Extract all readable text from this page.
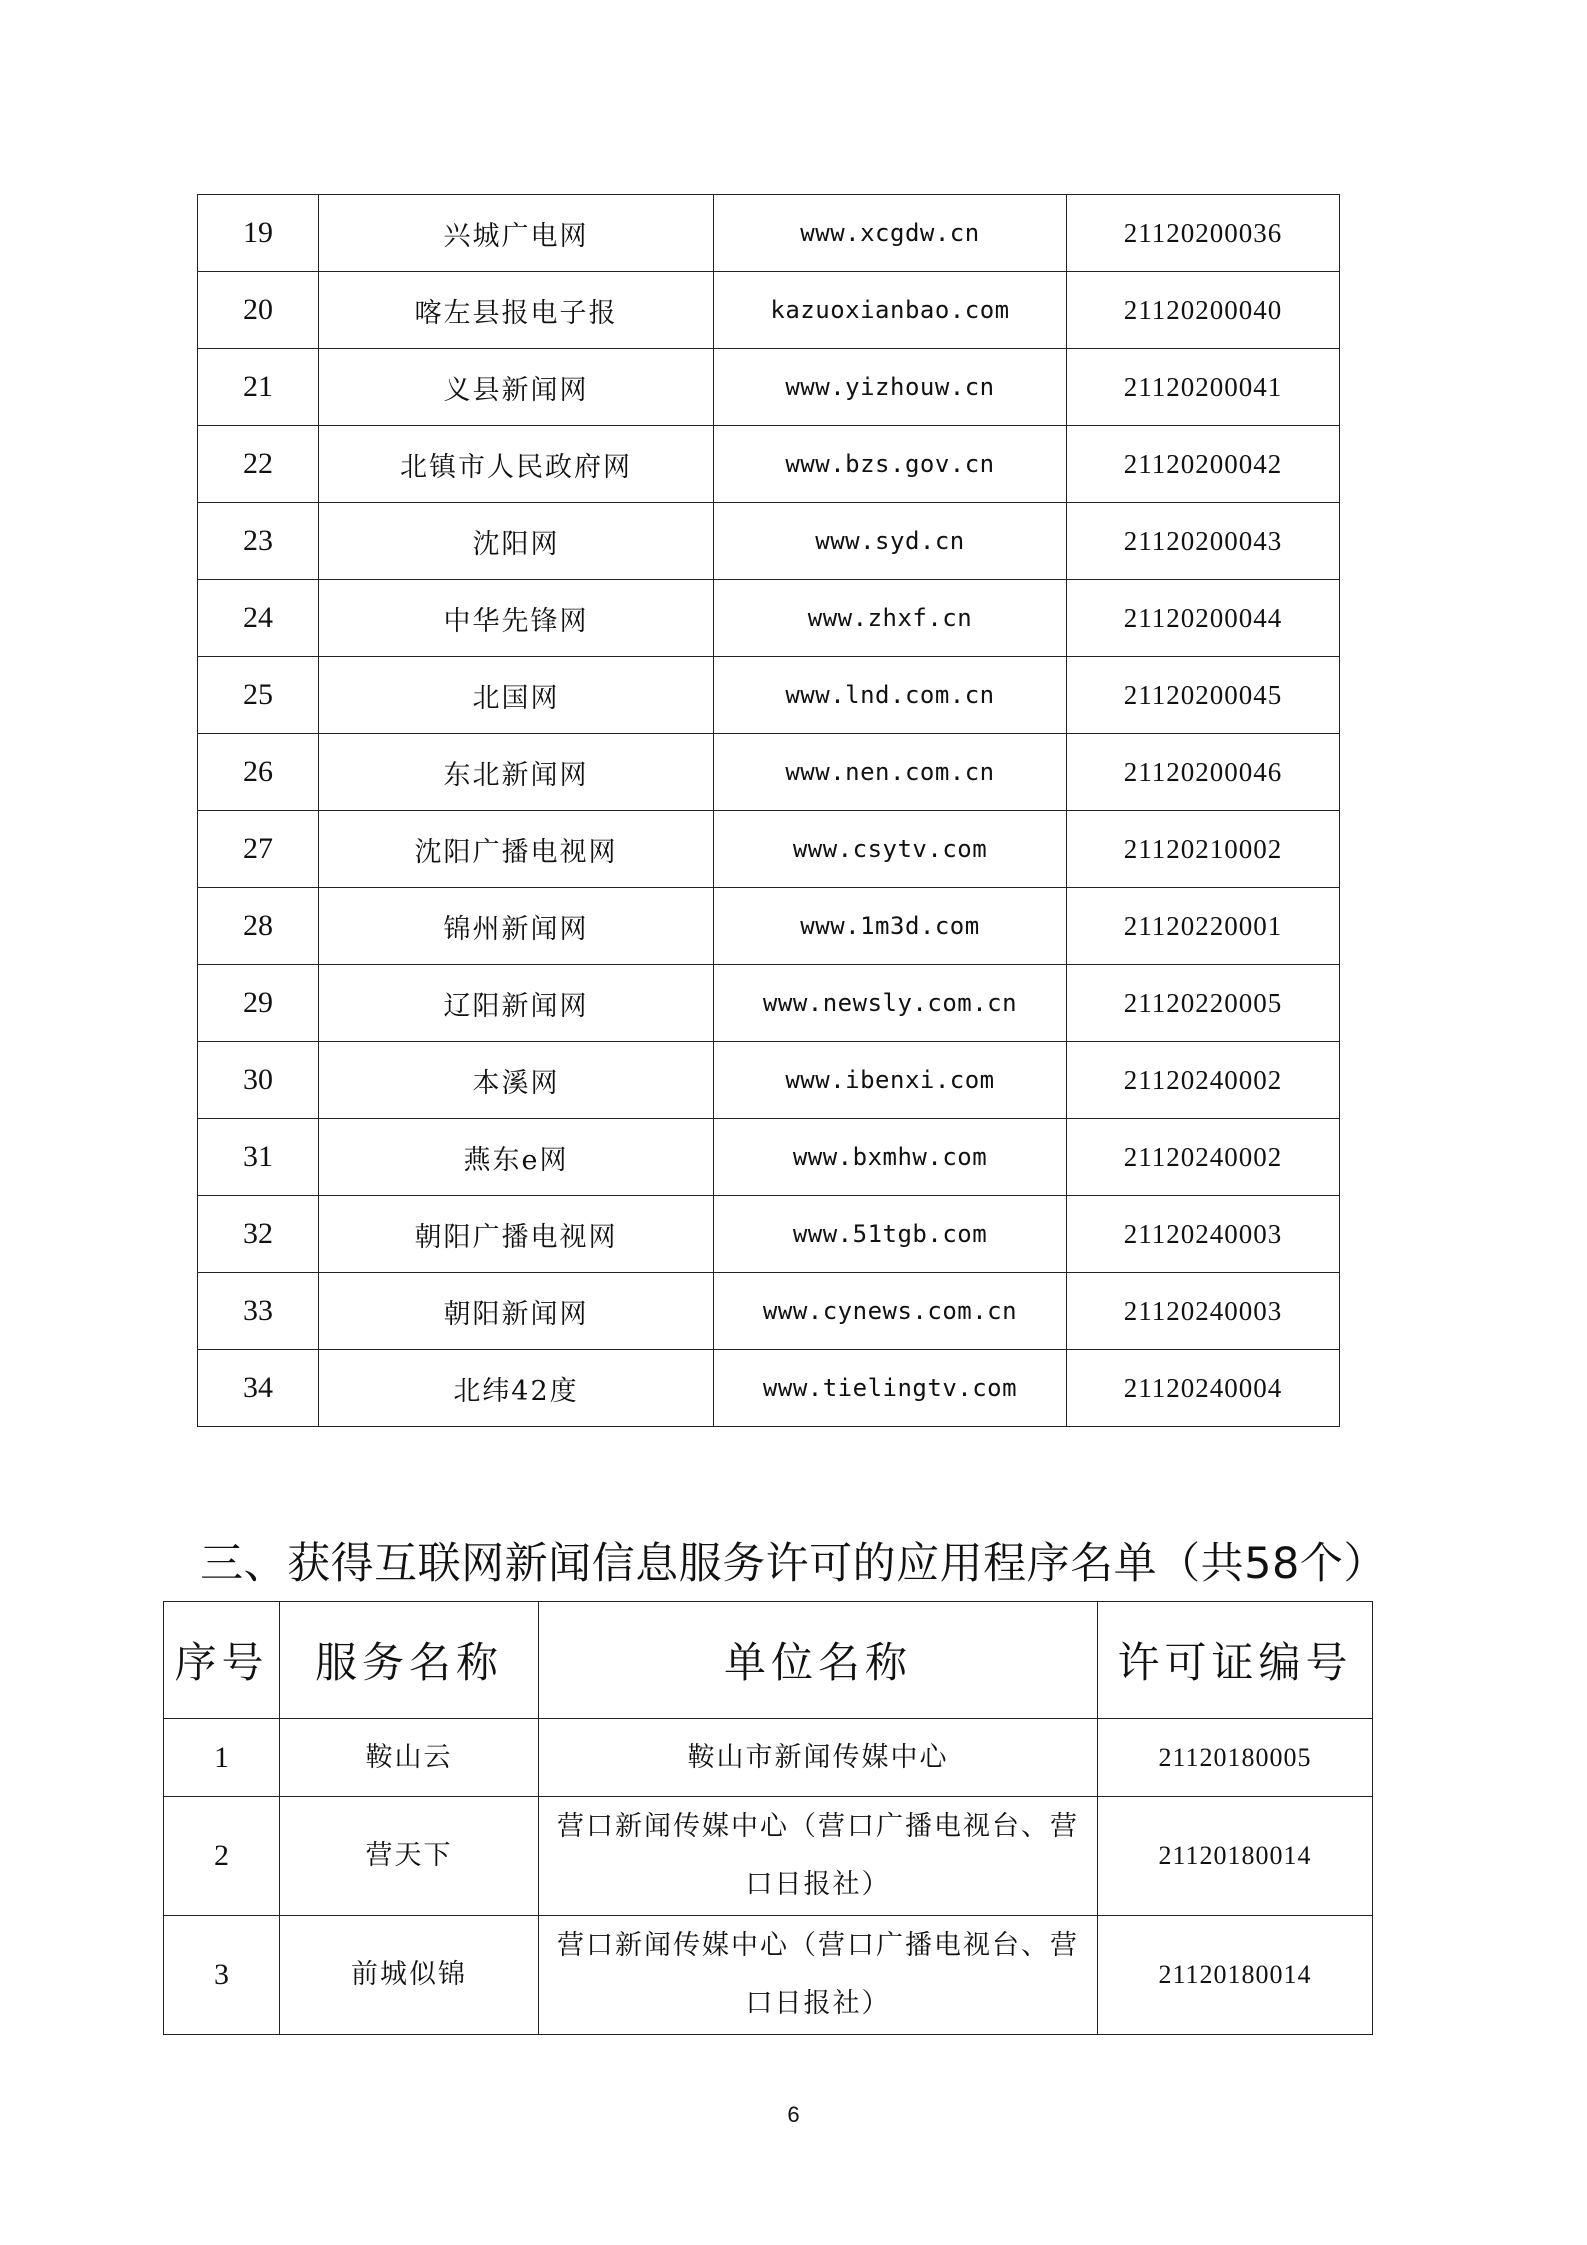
19	兴城广电网	www.xcgdw.cn	21120200036
20	喀左县报电子报	kazuoxianbao.com	21120200040
21	义县新闻网	www.yizhouw.cn	21120200041
22	北镇市人民政府网	www.bzs.gov.cn	21120200042
23	沈阳网	www.syd.cn	21120200043
24	中华先锋网	www.zhxf.cn	21120200044
25	北国网	www.lnd.com.cn	21120200045
26	东北新闻网	www.nen.com.cn	21120200046
27	沈阳广播电视网	www.csytv.com	21120210002
28	锦州新闻网	www.1m3d.com	21120220001
29	辽阳新闻网	www.newsly.com.cn	21120220005
30	本溪网	www.ibenxi.com	21120240002
31	燕东e网	www.bxmhw.com	21120240002
32	朝阳广播电视网	www.51tgb.com	21120240003
33	朝阳新闻网	www.cynews.com.cn	21120240003
34	北纬42度	www.tielingtv.com	21120240004
三、获得互联网新闻信息服务许可的应用程序名单（共58个）
序号	服务名称	单位名称	许可证编号
1	鞍山云	鞍山市新闻传媒中心	21120180005
2	营天下	营口新闻传媒中心（营口广播电视台、营口日报社）	21120180014
3	前城似锦	营口新闻传媒中心（营口广播电视台、营口日报社）	21120180014
6
